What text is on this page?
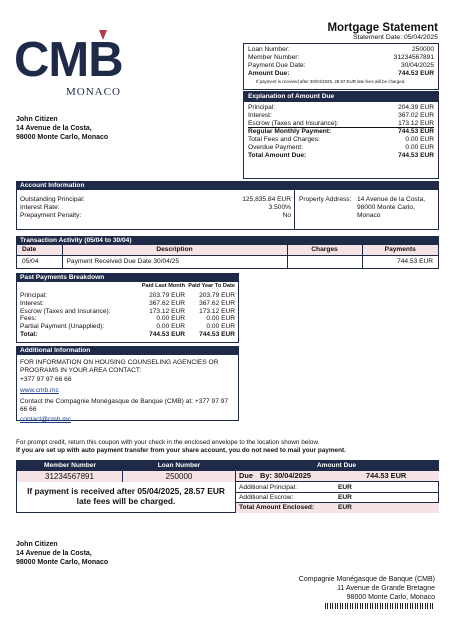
CMB
MONACO
Mortgage Statement
Statement Date: 05/04/2025
Loan Number:	250000
Member Number:	31234567891
Payment Due Date:	30/04/2025
Amount Due:	744.53 EUR
If payment is received after 30/04/2025, 28.57 EUR late fees will be charged.
Explanation of Amount Due
Principal:	204.39 EUR
Interest:	367.02 EUR
Escrow (Taxes and Insurance):	173.12 EUR
Regular Monthly Payment:	744.53 EUR
Total Fees and Charges:	0.00 EUR
Overdue Payment:	0.00 EUR
Total Amount Due:	744.53 EUR
John Citizen
14 Avenue de la Costa,
98000 Monte Carlo, Monaco
Account Information
Outstanding Principal:	125,835.84 EUR
Interest Rate:	3.500%
Prepayment Penalty:	No
Property Address: 14 Avenue de la Costa,
98000 Monte Carlo, Monaco
Transaction Activity (05/04 to 30/04)
Date	Description	Charges	Payments
05/04	Payment Received Due Date 30/04/25		744.53 EUR
Past Payments Breakdown
Paid Last Month Paid Year To Date
Principal:	203.79 EUR	203.79 EUR
Interest:	367.62 EUR	367.62 EUR
Escrow (Taxes and Insurance):	173.12 EUR	173.12 EUR
Fees:	0.00 EUR	0.00 EUR
Partial Payment (Unapplied):	0.00 EUR	0.00 EUR
Total:	744.53 EUR	744.53 EUR
Additional Information
FOR INFORMATION ON HOUSING COUNSELING AGENCIES OR PROGRAMS IN YOUR AREA CONTACT:
+377 97 97 66 66
www.cmb.mc
Contact the Compagnie Monégasque de Banque (CMB) at: +377 97 97 66 66
contact@cmb.mc
For prompt credit, return this coupon with your check in the enclosed envelope to the location shown below.
If you are set up with auto payment transfer from your share account, you do not need to mail your payment.
Member Number	Loan Number	Amount Due
31234567891	250000
If payment is received after 05/04/2025, 28.57 EUR late fees will be charged.
Due By: 30/04/2025	744.53 EUR
Additional Principal:	EUR
Additional Escrow:	EUR
Total Amount Enclosed:	EUR
John Citizen
14 Avenue de la Costa,
98000 Monte Carlo, Monaco
Compagnie Monégasque de Banque (CMB)
11 Avenue de Grande Bretagne
98000 Monte Carlo, Monaco
